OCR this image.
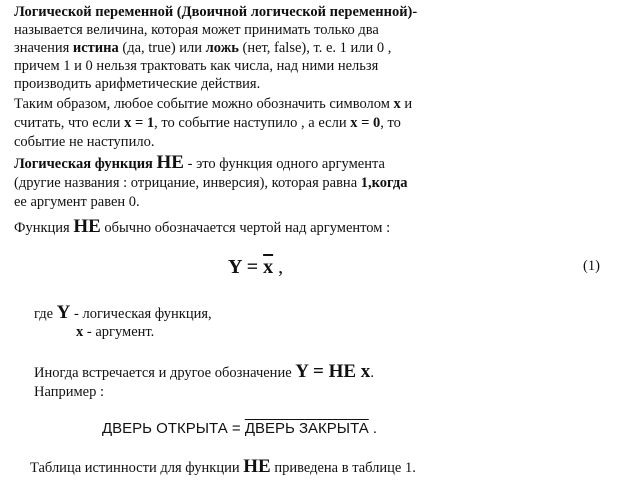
Логической переменной (Двоичной логической переменной)-
называется величина, которая может принимать только два
значения истина (да, true) или ложь (нет, false), т. е. 1 или 0 ,
причем 1 и 0 нельзя трактовать как числа, над ними нельзя
производить арифметические действия.
Таким образом, любое событие можно обозначить символом x и
считать, что если x = 1, то событие наступило , а если x = 0, то
событие не наступило.
Логическая функция НЕ - это функция одного аргумента
(другие названия : отрицание, инверсия), которая равна 1,когда
ее аргумент равен 0.
Функция НЕ обычно обозначается чертой над аргументом :
$Y = \overline{x}$ ,	(1)
где Y - логическая функция,
x - аргумент.
Иногда встречается и другое обозначение Y = НЕ x.
Например :
ДВЕРЬ ОТКРЫТА = ДВЕРЬ ЗАКРЫТА .
Таблица истинности для функции НЕ приведена в таблице 1.
